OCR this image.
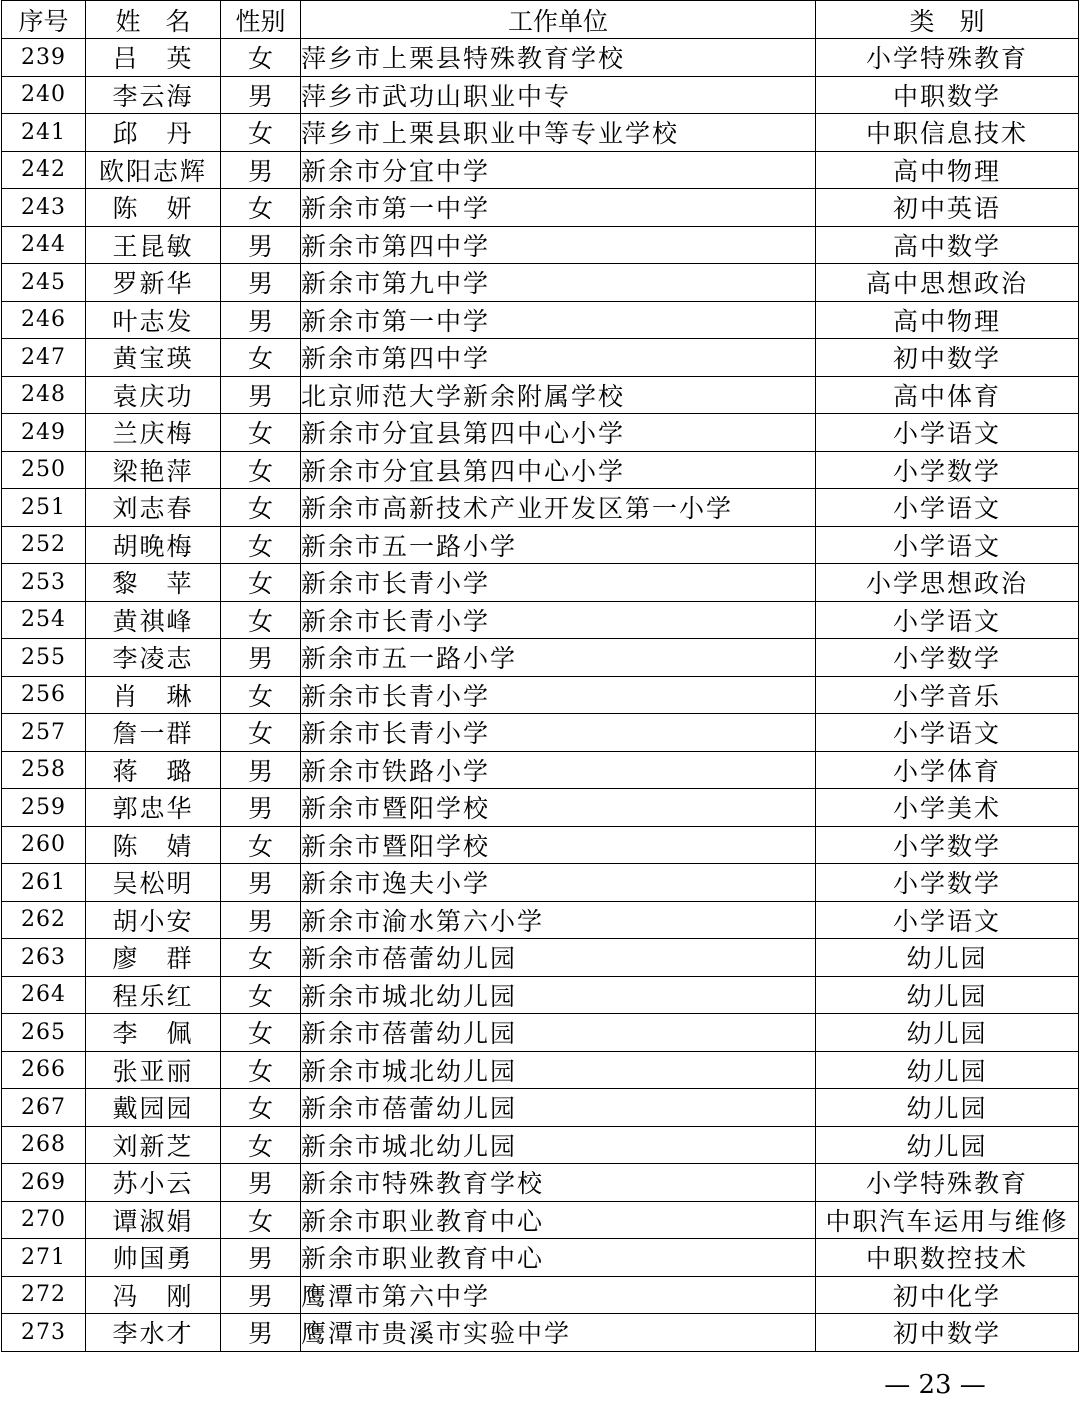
序号	姓　名	性别	工作单位	类　别
239	吕　英	女	萍乡市上栗县特殊教育学校	小学特殊教育
240	李云海	男	萍乡市武功山职业中专	中职数学
241	邱　丹	女	萍乡市上栗县职业中等专业学校	中职信息技术
242	欧阳志辉	男	新余市分宜中学	高中物理
243	陈　妍	女	新余市第一中学	初中英语
244	王昆敏	男	新余市第四中学	高中数学
245	罗新华	男	新余市第九中学	高中思想政治
246	叶志发	男	新余市第一中学	高中物理
247	黄宝瑛	女	新余市第四中学	初中数学
248	袁庆功	男	北京师范大学新余附属学校	高中体育
249	兰庆梅	女	新余市分宜县第四中心小学	小学语文
250	梁艳萍	女	新余市分宜县第四中心小学	小学数学
251	刘志春	女	新余市高新技术产业开发区第一小学	小学语文
252	胡晚梅	女	新余市五一路小学	小学语文
253	黎　苹	女	新余市长青小学	小学思想政治
254	黄祺峰	女	新余市长青小学	小学语文
255	李凌志	男	新余市五一路小学	小学数学
256	肖　琳	女	新余市长青小学	小学音乐
257	詹一群	女	新余市长青小学	小学语文
258	蒋　璐	男	新余市铁路小学	小学体育
259	郭忠华	男	新余市暨阳学校	小学美术
260	陈　婧	女	新余市暨阳学校	小学数学
261	吴松明	男	新余市逸夫小学	小学数学
262	胡小安	男	新余市渝水第六小学	小学语文
263	廖　群	女	新余市蓓蕾幼儿园	幼儿园
264	程乐红	女	新余市城北幼儿园	幼儿园
265	李　佩	女	新余市蓓蕾幼儿园	幼儿园
266	张亚丽	女	新余市城北幼儿园	幼儿园
267	戴园园	女	新余市蓓蕾幼儿园	幼儿园
268	刘新芝	女	新余市城北幼儿园	幼儿园
269	苏小云	男	新余市特殊教育学校	小学特殊教育
270	谭淑娟	女	新余市职业教育中心	中职汽车运用与维修
271	帅国勇	男	新余市职业教育中心	中职数控技术
272	冯　刚	男	鹰潭市第六中学	初中化学
273	李水才	男	鹰潭市贵溪市实验中学	初中数学
— 23 —
